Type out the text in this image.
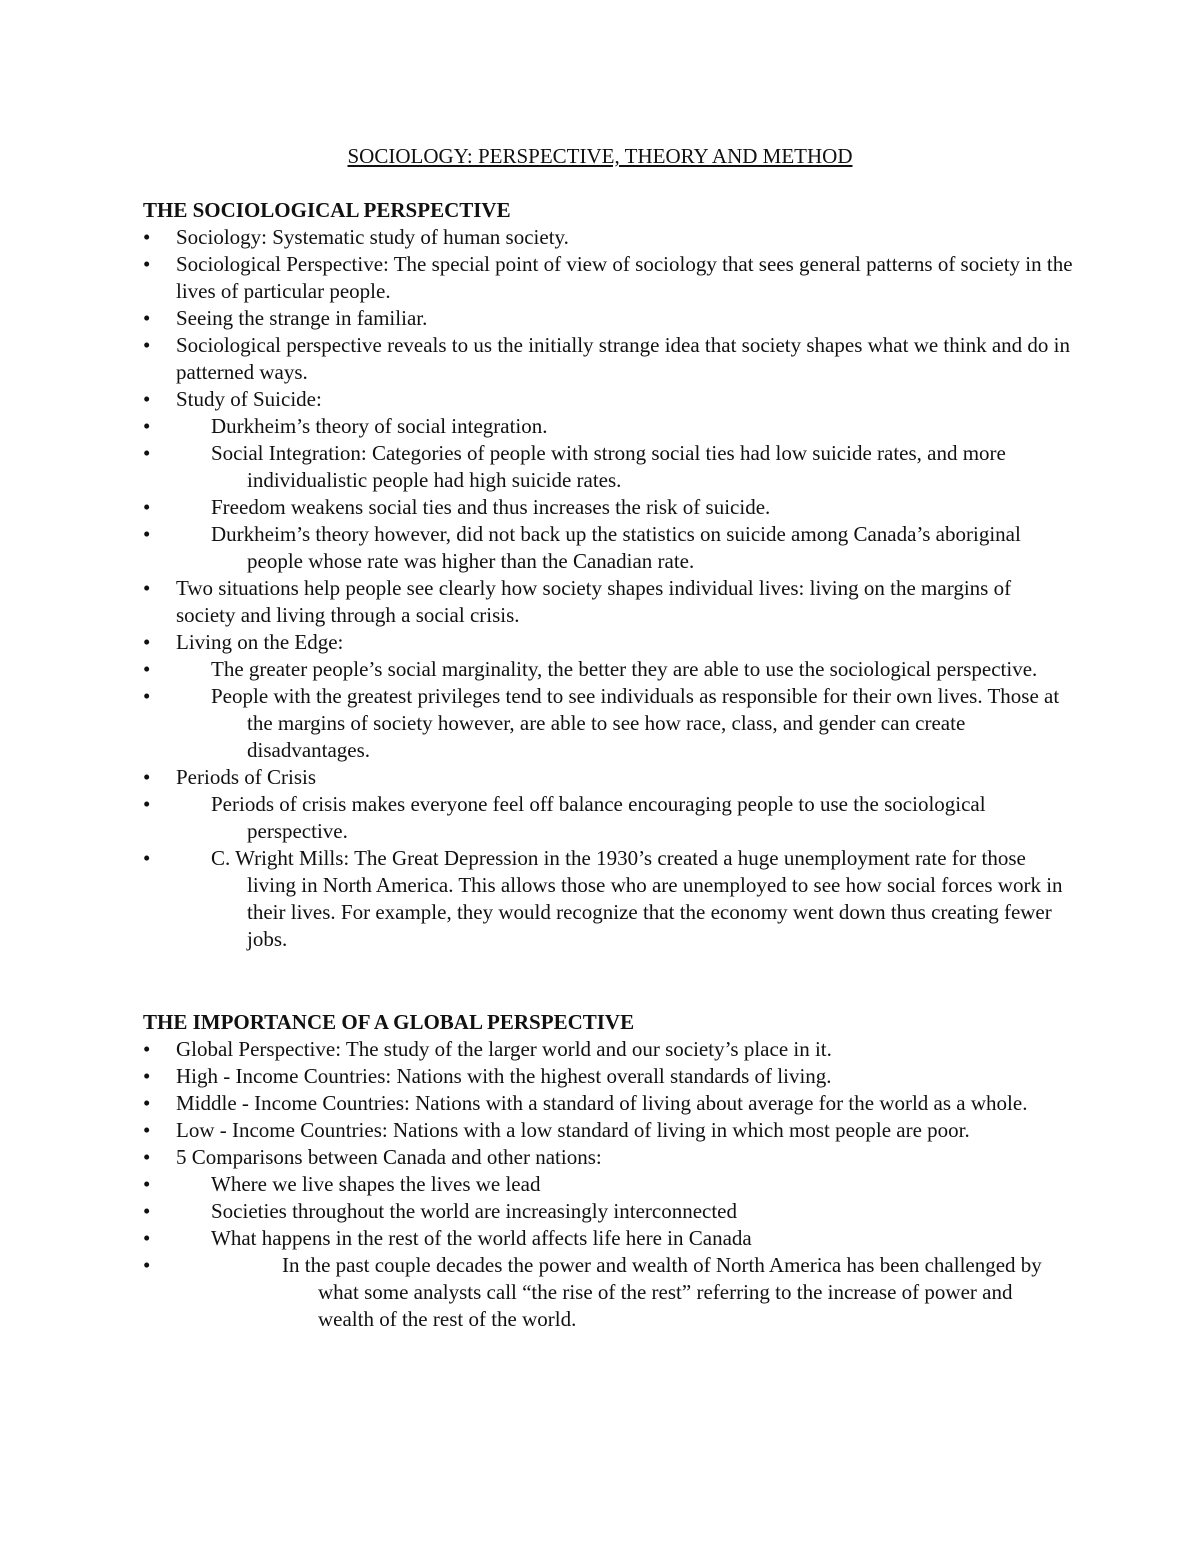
SOCIOLOGY: PERSPECTIVE, THEORY AND METHOD
THE SOCIOLOGICAL PERSPECTIVE
•	Sociology: Systematic study of human society.
•	Sociological Perspective: The special point of view of sociology that sees general patterns of society in the lives of particular people.
•	Seeing the strange in familiar.
•	Sociological perspective reveals to us the initially strange idea that society shapes what we think and do in patterned ways.
•	Study of Suicide:
•	Durkheim’s theory of social integration.
•	Social Integration: Categories of people with strong social ties had low suicide rates, and more individualistic people had high suicide rates.
•	Freedom weakens social ties and thus increases the risk of suicide.
•	Durkheim’s theory however, did not back up the statistics on suicide among Canada’s aboriginal people whose rate was higher than the Canadian rate.
•	Two situations help people see clearly how society shapes individual lives: living on the margins of society and living through a social crisis.
•	Living on the Edge:
•	The greater people’s social marginality, the better they are able to use the sociological perspective.
•	People with the greatest privileges tend to see individuals as responsible for their own lives. Those at the margins of society however, are able to see how race, class, and gender can create disadvantages.
•	Periods of Crisis
•	Periods of crisis makes everyone feel off balance encouraging people to use the sociological perspective.
•	C. Wright Mills: The Great Depression in the 1930’s created a huge unemployment rate for those living in North America. This allows those who are unemployed to see how social forces work in their lives. For example, they would recognize that the economy went down thus creating fewer jobs.
THE IMPORTANCE OF A GLOBAL PERSPECTIVE
•	Global Perspective: The study of the larger world and our society’s place in it.
•	High - Income Countries: Nations with the highest overall standards of living.
•	Middle - Income Countries: Nations with a standard of living about average for the world as a whole.
•	Low - Income Countries: Nations with a low standard of living in which most people are poor.
•	5 Comparisons between Canada and other nations:
•	Where we live shapes the lives we lead
•	Societies throughout the world are increasingly interconnected
•	What happens in the rest of the world affects life here in Canada
•	In the past couple decades the power and wealth of North America has been challenged by what some analysts call “the rise of the rest” referring to the increase of power and wealth of the rest of the world.
